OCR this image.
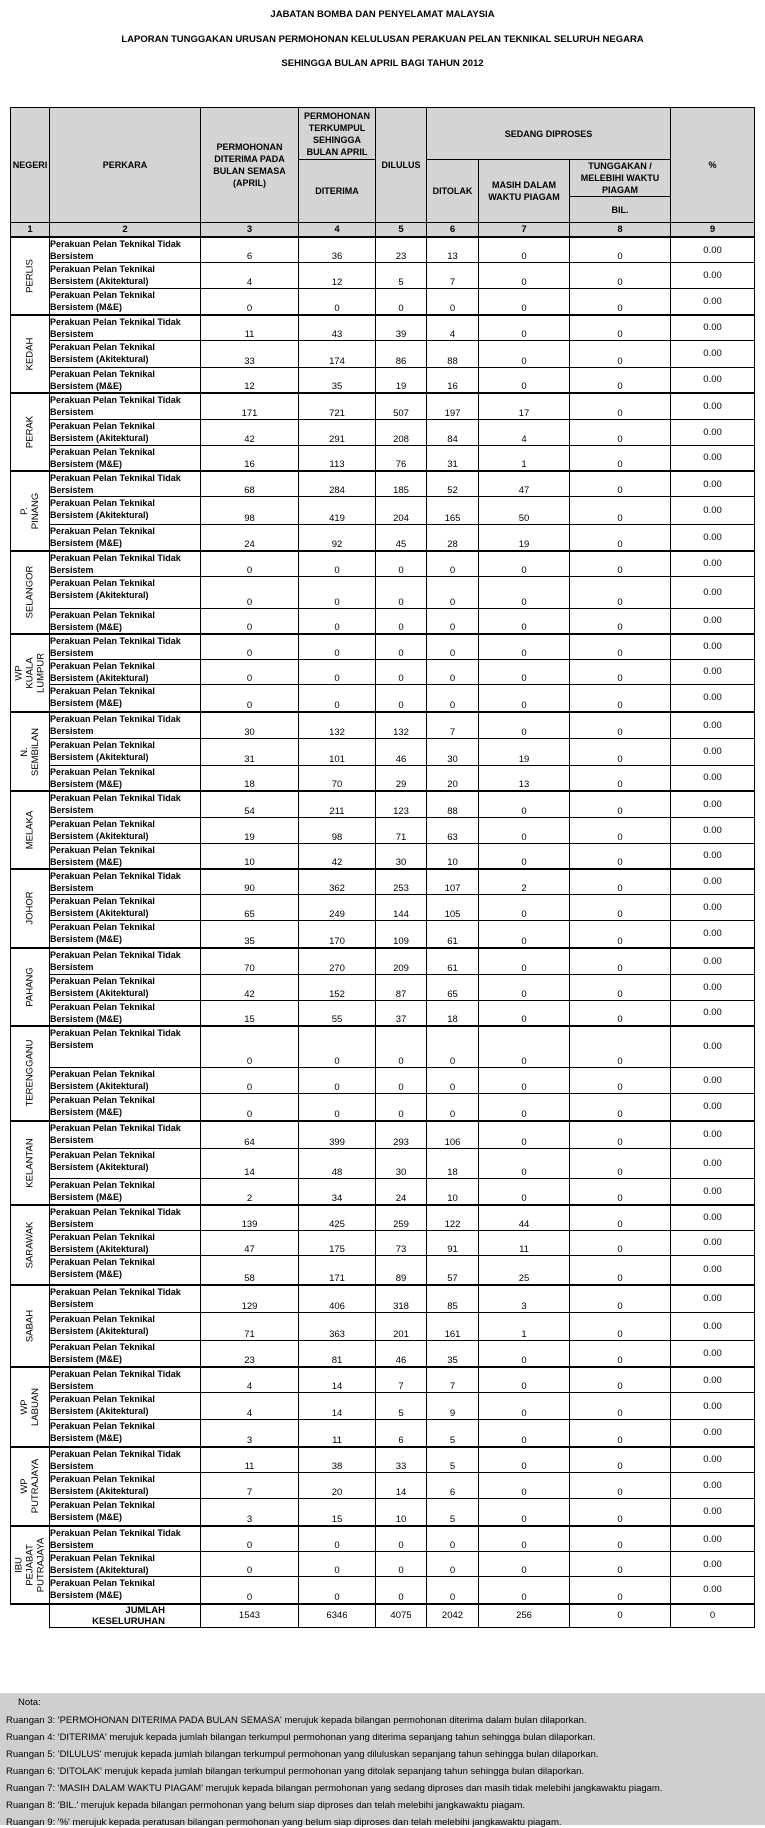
JABATAN BOMBA DAN PENYELAMAT MALAYSIA
LAPORAN TUNGGAKAN URUSAN PERMOHONAN KELULUSAN PERAKUAN PELAN TEKNIKAL SELURUH NEGARA
SEHINGGA BULAN APRIL BAGI TAHUN 2012
NEGERI	PERKARA	PERMOHONAN DITERIMA PADA BULAN SEMASA (APRIL)	PERMOHONAN TERKUMPUL SEHINGGA BULAN APRIL	DILULUS	SEDANG DIPROSES			%

			DITERIMA		DITOLAK	MASIH DALAM WAKTU PIAGAM	TUNGGAKAN / MELEBIHI WAKTU PIAGAM	
							BIL.	
1	2	3	4	5	6	7	8	9

PERLIS	Perakuan Pelan Teknikal Tidak Bersistem	6	36	23	13	0	0	0.00
	Perakuan Pelan Teknikal Bersistem (Akitektural)	4	12	5	7	0	0	0.00
	Perakuan Pelan Teknikal Bersistem (M&E)	0	0	0	0	0	0	0.00

KEDAH	Perakuan Pelan Teknikal Tidak Bersistem	11	43	39	4	0	0	0.00
	Perakuan Pelan Teknikal Bersistem (Akitektural)	33	174	86	88	0	0	0.00
	Perakuan Pelan Teknikal Bersistem (M&E)	12	35	19	16	0	0	0.00

PERAK	Perakuan Pelan Teknikal Tidak Bersistem	171	721	507	197	17	0	0.00
	Perakuan Pelan Teknikal Bersistem (Akitektural)	42	291	208	84	4	0	0.00
	Perakuan Pelan Teknikal Bersistem (M&E)	16	113	76	31	1	0	0.00

P. PINANG	Perakuan Pelan Teknikal Tidak Bersistem	68	284	185	52	47	0	0.00
	Perakuan Pelan Teknikal Bersistem (Akitektural)	98	419	204	165	50	0	0.00
	Perakuan Pelan Teknikal Bersistem (M&E)	24	92	45	28	19	0	0.00

SELANGOR	Perakuan Pelan Teknikal Tidak Bersistem	0	0	0	0	0	0	0.00
	Perakuan Pelan Teknikal Bersistem (Akitektural)	0	0	0	0	0	0	0.00
	Perakuan Pelan Teknikal Bersistem (M&E)	0	0	0	0	0	0	0.00

WP KUALA LUMPUR	Perakuan Pelan Teknikal Tidak Bersistem	0	0	0	0	0	0	0.00
	Perakuan Pelan Teknikal Bersistem (Akitektural)	0	0	0	0	0	0	0.00
	Perakuan Pelan Teknikal Bersistem (M&E)	0	0	0	0	0	0	0.00

N. SEMBILAN	Perakuan Pelan Teknikal Tidak Bersistem	30	132	132	7	0	0	0.00
	Perakuan Pelan Teknikal Bersistem (Akitektural)	31	101	46	30	19	0	0.00
	Perakuan Pelan Teknikal Bersistem (M&E)	18	70	29	20	13	0	0.00

MELAKA	Perakuan Pelan Teknikal Tidak Bersistem	54	211	123	88	0	0	0.00
	Perakuan Pelan Teknikal Bersistem (Akitektural)	19	98	71	63	0	0	0.00
	Perakuan Pelan Teknikal Bersistem (M&E)	10	42	30	10	0	0	0.00

JOHOR	Perakuan Pelan Teknikal Tidak Bersistem	90	362	253	107	2	0	0.00
	Perakuan Pelan Teknikal Bersistem (Akitektural)	65	249	144	105	0	0	0.00
	Perakuan Pelan Teknikal Bersistem (M&E)	35	170	109	61	0	0	0.00

PAHANG	Perakuan Pelan Teknikal Tidak Bersistem	70	270	209	61	0	0	0.00
	Perakuan Pelan Teknikal Bersistem (Akitektural)	42	152	87	65	0	0	0.00
	Perakuan Pelan Teknikal Bersistem (M&E)	15	55	37	18	0	0	0.00

TERENGGANU	Perakuan Pelan Teknikal Tidak Bersistem	0	0	0	0	0	0	0.00
	Perakuan Pelan Teknikal Bersistem (Akitektural)	0	0	0	0	0	0	0.00
	Perakuan Pelan Teknikal Bersistem (M&E)	0	0	0	0	0	0	0.00

KELANTAN	Perakuan Pelan Teknikal Tidak Bersistem	64	399	293	106	0	0	0.00
	Perakuan Pelan Teknikal Bersistem (Akitektural)	14	48	30	18	0	0	0.00
	Perakuan Pelan Teknikal Bersistem (M&E)	2	34	24	10	0	0	0.00

SARAWAK	Perakuan Pelan Teknikal Tidak Bersistem	139	425	259	122	44	0	0.00
	Perakuan Pelan Teknikal Bersistem (Akitektural)	47	175	73	91	11	0	0.00
	Perakuan Pelan Teknikal Bersistem (M&E)	58	171	89	57	25	0	0.00

SABAH	Perakuan Pelan Teknikal Tidak Bersistem	129	406	318	85	3	0	0.00
	Perakuan Pelan Teknikal Bersistem (Akitektural)	71	363	201	161	1	0	0.00
	Perakuan Pelan Teknikal Bersistem (M&E)	23	81	46	35	0	0	0.00

WP LABUAN	Perakuan Pelan Teknikal Tidak Bersistem	4	14	7	7	0	0	0.00
	Perakuan Pelan Teknikal Bersistem (Akitektural)	4	14	5	9	0	0	0.00
	Perakuan Pelan Teknikal Bersistem (M&E)	3	11	6	5	0	0	0.00

WP PUTRAJAYA	Perakuan Pelan Teknikal Tidak Bersistem	11	38	33	5	0	0	0.00
	Perakuan Pelan Teknikal Bersistem (Akitektural)	7	20	14	6	0	0	0.00
	Perakuan Pelan Teknikal Bersistem (M&E)	3	15	10	5	0	0	0.00

IBU PEJABAT PUTRAJAYA	Perakuan Pelan Teknikal Tidak Bersistem	0	0	0	0	0	0	0.00
	Perakuan Pelan Teknikal Bersistem (Akitektural)	0	0	0	0	0	0	0.00
	Perakuan Pelan Teknikal Bersistem (M&E)	0	0	0	0	0	0	0.00
	JUMLAH KESELURUHAN	1543	6346	4075	2042	256	0	0
Nota:
Ruangan 3: 'PERMOHONAN DITERIMA PADA BULAN SEMASA' merujuk kepada bilangan permohonan diterima dalam bulan dilaporkan.
Ruangan 4: 'DITERIMA' merujuk kepada jumlah bilangan terkumpul permohonan yang diterima sepanjang tahun sehingga bulan dilaporkan.
Ruangan 5: 'DILULUS' merujuk kepada jumlah bilangan terkumpul permohonan yang diluluskan sepanjang tahun sehingga bulan dilaporkan.
Ruangan 6: 'DITOLAK' merujuk kepada jumlah bilangan terkumpul permohonan yang ditolak sepanjang tahun sehingga bulan dilaporkan.
Ruangan 7: 'MASIH DALAM WAKTU PIAGAM' merujuk kepada bilangan permohonan yang sedang diproses dan masih tidak melebihi jangkawaktu piagam.
Ruangan 8: 'BIL.' merujuk kepada bilangan permohonan yang belum siap diproses dan telah melebihi jangkawaktu piagam.
Ruangan 9: '%' merujuk kepada peratusan bilangan permohonan yang belum siap diproses dan telah melebihi jangkawaktu piagam.
